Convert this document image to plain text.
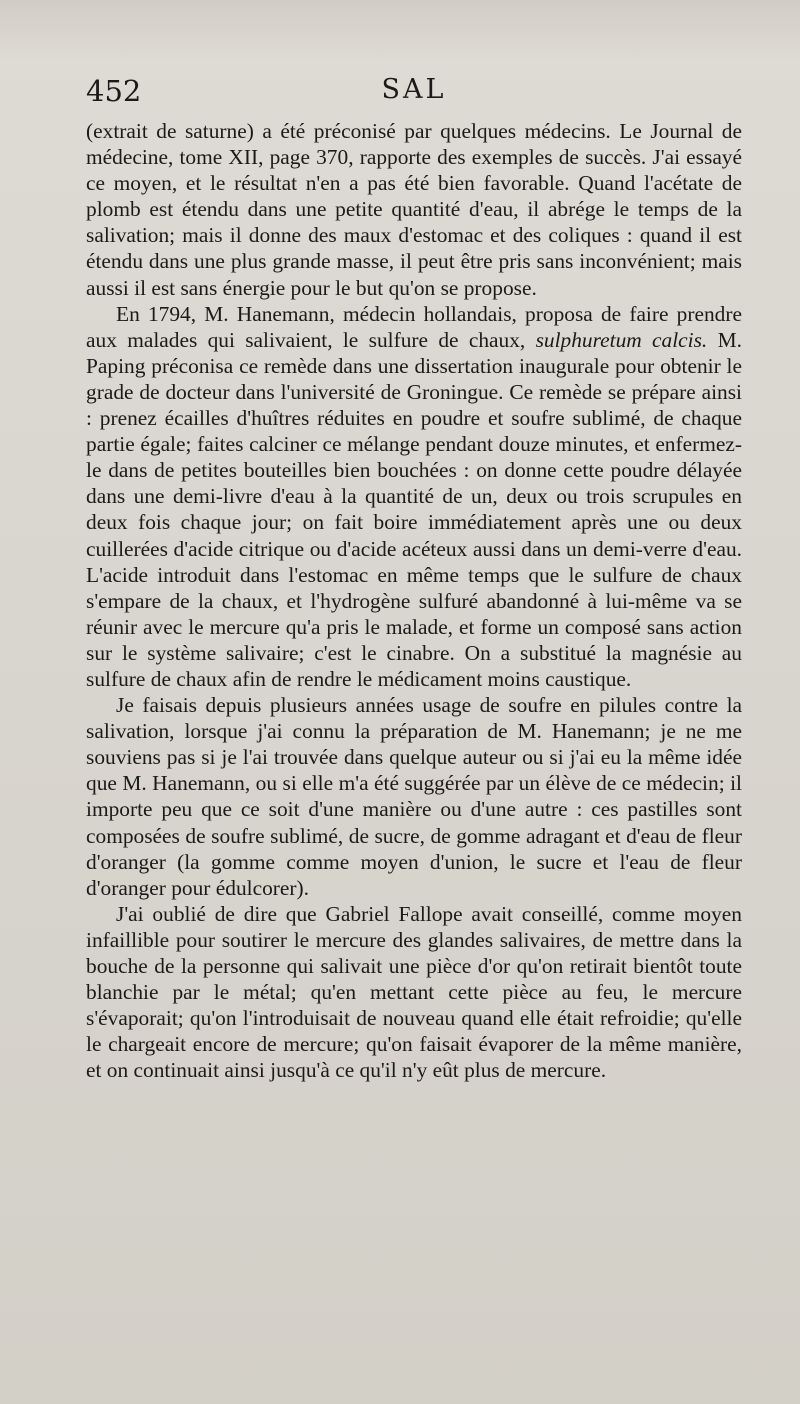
452	SAL

(extrait de saturne) a été préconisé par quelques médecins. Le Journal de médecine, tome XII, page 370, rapporte des exemples de succès. J'ai essayé ce moyen, et le résultat n'en a pas été bien favorable. Quand l'acétate de plomb est étendu dans une petite quantité d'eau, il abrége le temps de la salivation; mais il donne des maux d'estomac et des coliques : quand il est étendu dans une plus grande masse, il peut être pris sans inconvénient; mais aussi il est sans énergie pour le but qu'on se propose.

En 1794, M. Hanemann, médecin hollandais, proposa de faire prendre aux malades qui salivaient, le sulfure de chaux, sulphuretum calcis. M. Paping préconisa ce remède dans une dissertation inaugurale pour obtenir le grade de docteur dans l'université de Groningue. Ce remède se prépare ainsi : prenez écailles d'huîtres réduites en poudre et soufre sublimé, de chaque partie égale; faites calciner ce mélange pendant douze minutes, et enfermez-le dans de petites bouteilles bien bouchées : on donne cette poudre délayée dans une demi-livre d'eau à la quantité de un, deux ou trois scrupules en deux fois chaque jour; on fait boire immédiatement après une ou deux cuillerées d'acide citrique ou d'acide acéteux aussi dans un demi-verre d'eau. L'acide introduit dans l'estomac en même temps que le sulfure de chaux s'empare de la chaux, et l'hydrogène sulfuré abandonné à lui-même va se réunir avec le mercure qu'a pris le malade, et forme un composé sans action sur le système salivaire; c'est le cinabre. On a substitué la magnésie au sulfure de chaux afin de rendre le médicament moins caustique.

Je faisais depuis plusieurs années usage de soufre en pilules contre la salivation, lorsque j'ai connu la préparation de M. Hanemann; je ne me souviens pas si je l'ai trouvée dans quelque auteur ou si j'ai eu la même idée que M. Hanemann, ou si elle m'a été suggérée par un élève de ce médecin; il importe peu que ce soit d'une manière ou d'une autre : ces pastilles sont composées de soufre sublimé, de sucre, de gomme adragant et d'eau de fleur d'oranger (la gomme comme moyen d'union, le sucre et l'eau de fleur d'oranger pour édulcorer).

J'ai oublié de dire que Gabriel Fallope avait conseillé, comme moyen infaillible pour soutirer le mercure des glandes salivaires, de mettre dans la bouche de la personne qui salivait une pièce d'or qu'on retirait bientôt toute blanchie par le métal; qu'en mettant cette pièce au feu, le mercure s'évaporait; qu'on l'introduisait de nouveau quand elle était refroidie; qu'elle le chargeait encore de mercure; qu'on faisait évaporer de la même manière, et on continuait ainsi jusqu'à ce qu'il n'y eût plus de mercure.
